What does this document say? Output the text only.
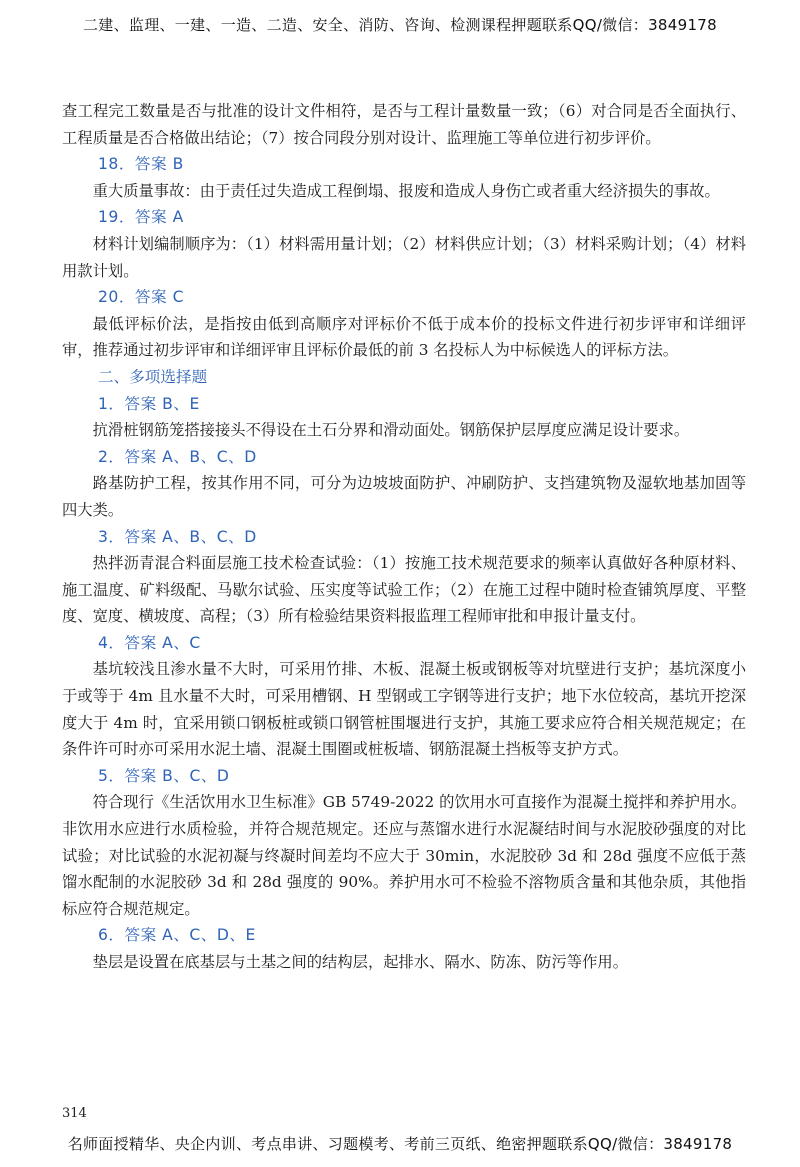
二建、监理、一建、一造、二造、安全、消防、咨询、检测课程押题联系QQ/微信：3849178

查工程完工数量是否与批准的设计文件相符，是否与工程计量数量一致；（6）对合同是否全面执行、工程质量是否合格做出结论；（7）按合同段分别对设计、监理施工等单位进行初步评价。

18．答案 B

重大质量事故：由于责任过失造成工程倒塌、报废和造成人身伤亡或者重大经济损失的事故。

19．答案 A

材料计划编制顺序为：（1）材料需用量计划；（2）材料供应计划；（3）材料采购计划；（4）材料用款计划。

20．答案 C

最低评标价法，是指按由低到高顺序对评标价不低于成本价的投标文件进行初步评审和详细评审，推荐通过初步评审和详细评审且评标价最低的前 3 名投标人为中标候选人的评标方法。

二、多项选择题

1．答案 B、E

抗滑桩钢筋笼搭接接头不得设在土石分界和滑动面处。钢筋保护层厚度应满足设计要求。

2．答案 A、B、C、D

路基防护工程，按其作用不同，可分为边坡坡面防护、冲刷防护、支挡建筑物及湿软地基加固等四大类。

3．答案 A、B、C、D

热拌沥青混合料面层施工技术检查试验：（1）按施工技术规范要求的频率认真做好各种原材料、施工温度、矿料级配、马歇尔试验、压实度等试验工作；（2）在施工过程中随时检查铺筑厚度、平整度、宽度、横坡度、高程；（3）所有检验结果资料报监理工程师审批和申报计量支付。

4．答案 A、C

基坑较浅且渗水量不大时，可采用竹排、木板、混凝土板或钢板等对坑壁进行支护；基坑深度小于或等于 4m 且水量不大时，可采用槽钢、H 型钢或工字钢等进行支护；地下水位较高，基坑开挖深度大于 4m 时，宜采用锁口钢板桩或锁口钢管桩围堰进行支护，其施工要求应符合相关规范规定；在条件许可时亦可采用水泥土墙、混凝土围圈或桩板墙、钢筋混凝土挡板等支护方式。

5．答案 B、C、D

符合现行《生活饮用水卫生标准》GB 5749-2022 的饮用水可直接作为混凝土搅拌和养护用水。非饮用水应进行水质检验，并符合规范规定。还应与蒸馏水进行水泥凝结时间与水泥胶砂强度的对比试验；对比试验的水泥初凝与终凝时间差均不应大于 30min，水泥胶砂 3d 和 28d 强度不应低于蒸馏水配制的水泥胶砂 3d 和 28d 强度的 90%。养护用水可不检验不溶物质含量和其他杂质，其他指标应符合规范规定。

6．答案 A、C、D、E

垫层是设置在底基层与土基之间的结构层，起排水、隔水、防冻、防污等作用。

314
名师面授精华、央企内训、考点串讲、习题模考、考前三页纸、绝密押题联系QQ/微信：3849178
